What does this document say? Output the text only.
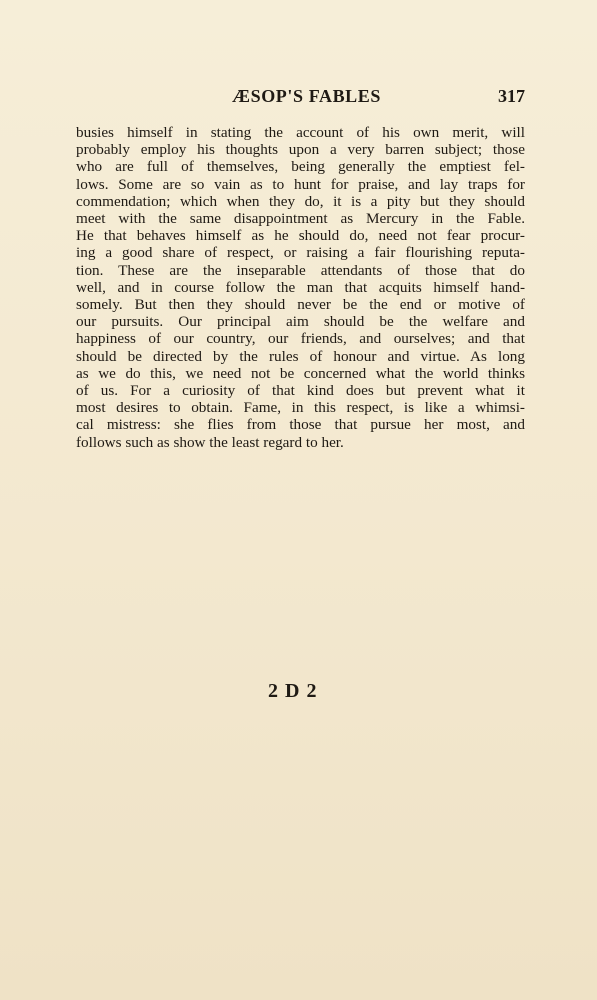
ÆSOP'S FABLES	317
busies himself in stating the account of his own merit, will
probably employ his thoughts upon a very barren subject; those
who are full of themselves, being generally the emptiest fel-
lows. Some are so vain as to hunt for praise, and lay traps for
commendation; which when they do, it is a pity but they should
meet with the same disappointment as Mercury in the Fable.
He that behaves himself as he should do, need not fear procur-
ing a good share of respect, or raising a fair flourishing reputa-
tion. These are the inseparable attendants of those that do
well, and in course follow the man that acquits himself hand-
somely. But then they should never be the end or motive of
our pursuits. Our principal aim should be the welfare and
happiness of our country, our friends, and ourselves; and that
should be directed by the rules of honour and virtue. As long
as we do this, we need not be concerned what the world thinks
of us. For a curiosity of that kind does but prevent what it
most desires to obtain. Fame, in this respect, is like a whimsi-
cal mistress: she flies from those that pursue her most, and
follows such as show the least regard to her.
2 D 2
